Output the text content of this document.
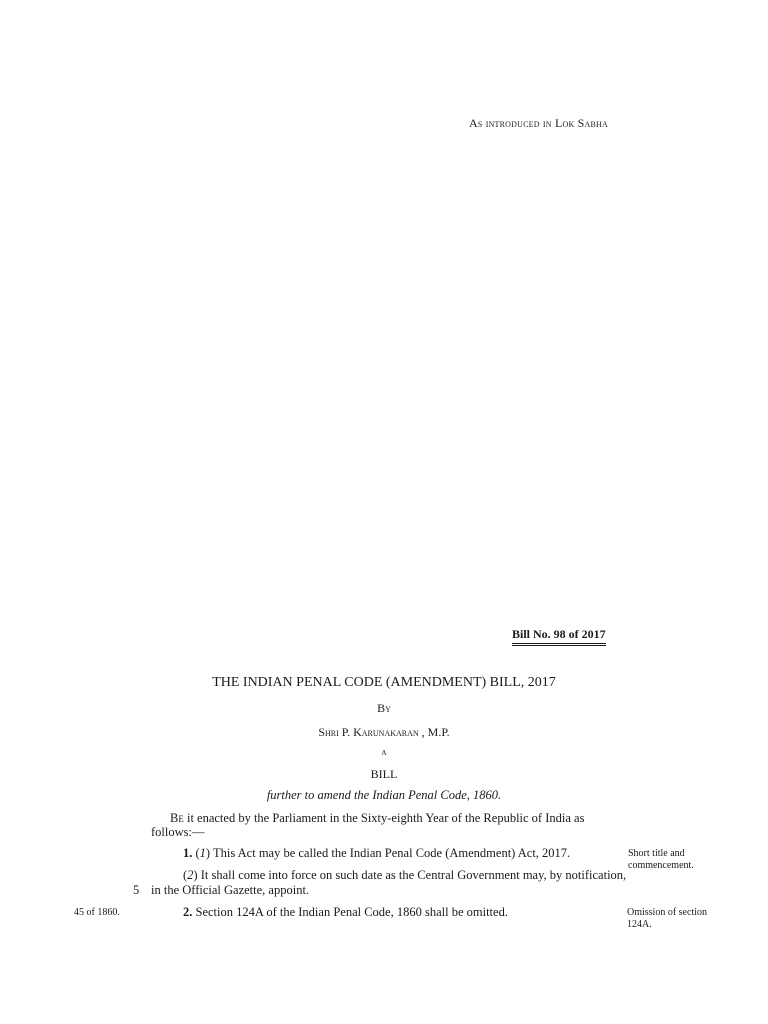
As introduced in Lok Sabha
Bill No. 98 of 2017
THE INDIAN PENAL CODE (AMENDMENT) BILL, 2017
By
Shri P. Karunakaran , M.P.
a
BILL
further to amend the Indian Penal Code, 1860.
Be it enacted by the Parliament in the Sixty-eighth Year of the Republic of India as
follows:—
1. (1) This Act may be called the Indian Penal Code (Amendment) Act, 2017.
(2) It shall come into force on such date as the Central Government may, by notification,
5 in the Official Gazette, appoint.
2. Section 124A of the Indian Penal Code, 1860 shall be omitted.
Short title and commencement.
Omission of section 124A.
45 of 1860.
